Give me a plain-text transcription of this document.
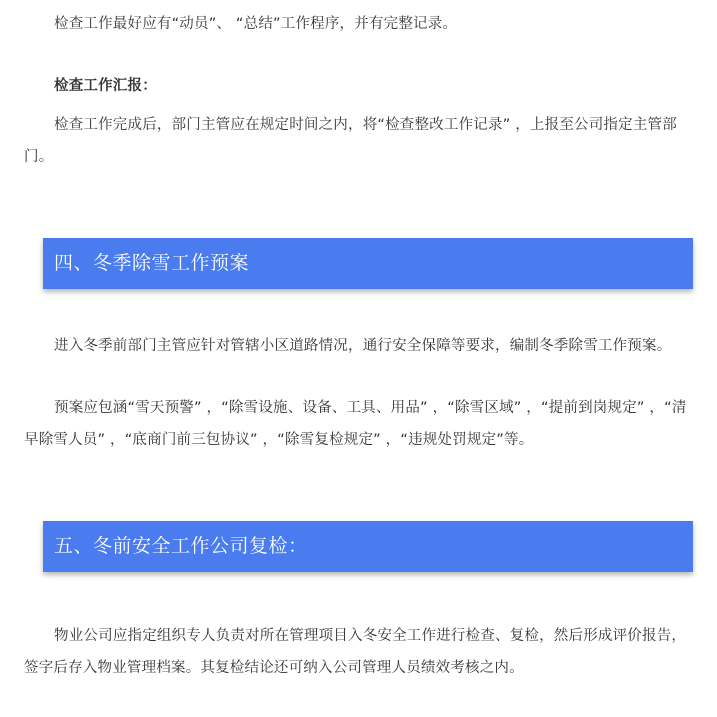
检查工作最好应有“动员”、 “总结”工作程序，并有完整记录。

检查工作汇报：

检查工作完成后，部门主管应在规定时间之内，将“检查整改工作记录” ，上报至公司指定主管部门。

四、冬季除雪工作预案

进入冬季前部门主管应针对管辖小区道路情况，通行安全保障等要求，编制冬季除雪工作预案。

预案应包涵“雪天预警” ，“除雪设施、设备、工具、用品” ，“除雪区域” ，“提前到岗规定” ，“清早除雪人员” ，“底商门前三包协议” ，“除雪复检规定” ，“违规处罚规定”等。

五、冬前安全工作公司复检：

物业公司应指定组织专人负责对所在管理项目入冬安全工作进行检查、复检，然后形成评价报告，签字后存入物业管理档案。其复检结论还可纳入公司管理人员绩效考核之内。
